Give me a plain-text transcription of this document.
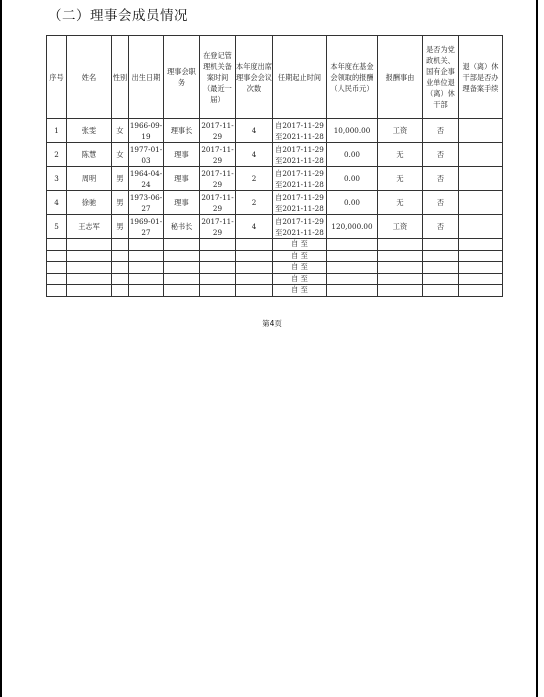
（二）理事会成员情况
序号	姓名	性别	出生日期	理事会职务	在登记管理机关备案时间（最近一届）	本年度出席理事会会议次数	任期起止时间	本年度在基金会领取的报酬（人民币元）	报酬事由	是否为党政机关、国有企事业单位退（离）休干部	退（离）休干部是否办理备案手续
1	张雯	女	1966-09-19	理事长	2017-11-29	4	自2017-11-29至2021-11-28	10,000.00	工资	否	
2	陈慧	女	1977-01-03	理事	2017-11-29	4	自2017-11-29至2021-11-28	0.00	无	否	
3	周明	男	1964-04-24	理事	2017-11-29	2	自2017-11-29至2021-11-28	0.00	无	否	
4	徐驰	男	1973-06-27	理事	2017-11-29	2	自2017-11-29至2021-11-28	0.00	无	否	
5	王志军	男	1969-01-27	秘书长	2017-11-29	4	自2017-11-29至2021-11-28	120,000.00	工资	否	
							自 至				
							自 至				
							自 至				
							自 至				
							自 至				
第4页
